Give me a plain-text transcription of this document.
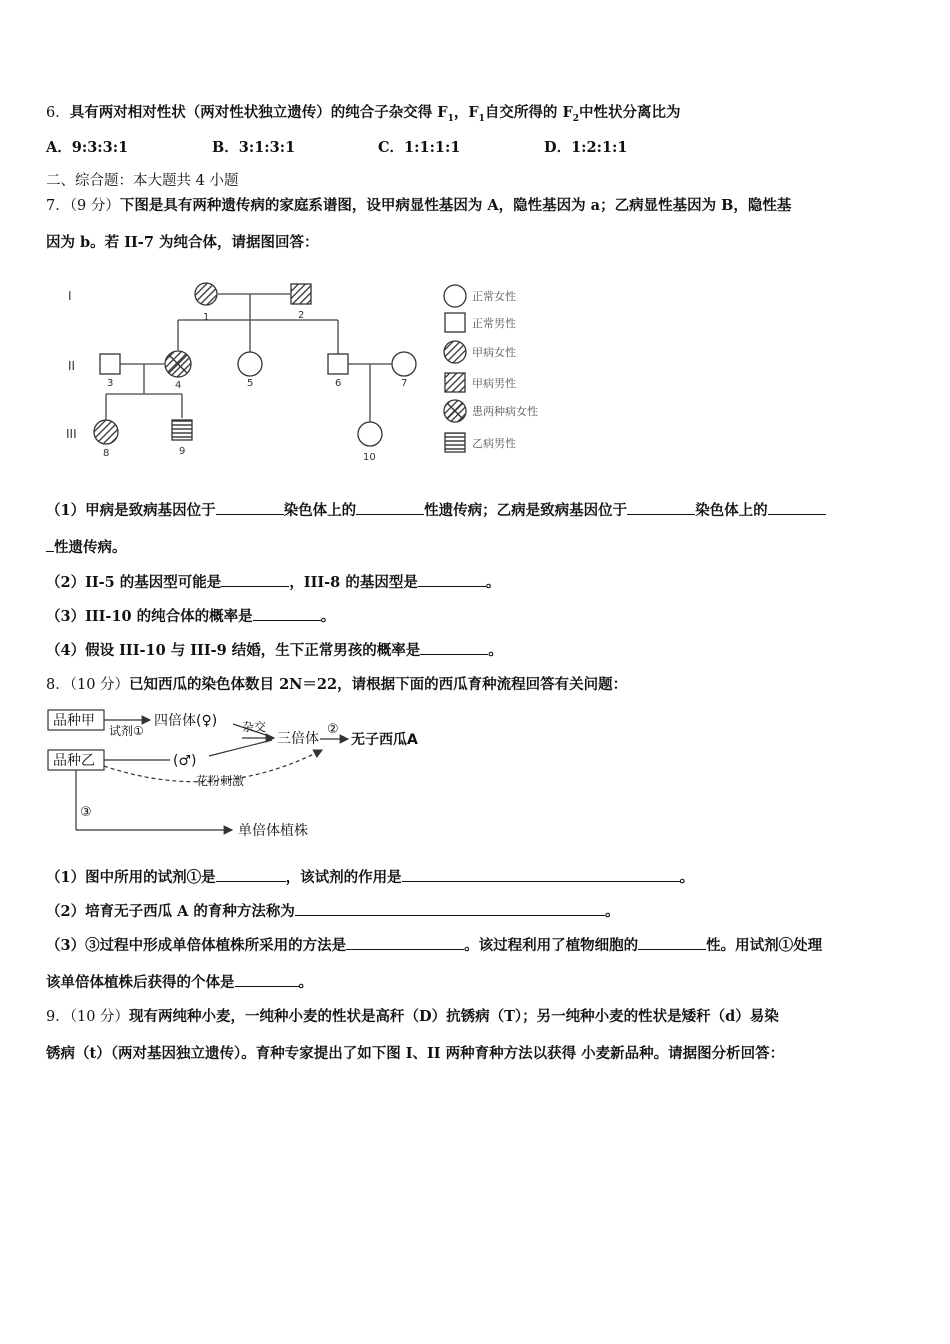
6．具有两对相对性状（两对性状独立遗传）的纯合子杂交得 $F_1$，$F_1$自交所得的 $F_2$中性状分离比为
A．9:3:3:1	B．3:1:3:1	C．1:1:1:1	D．1:2:1:1
二、综合题：本大题共 4 小题
7．（9 分）下图是具有两种遗传病的家庭系谱图，设甲病显性基因为 A，隐性基因为 a；乙病显性基因为 B，隐性基
因为 b。若 II-7 为纯合体，请据图回答：
I
II
III
1	2
3	4	5	6	7
8	9
10
正常女性
正常男性
甲病女性
甲病男性
患两种病女性
乙病男性
（1）甲病是致病基因位于	染色体上的	性遗传病；乙病是致病基因位于	染色体上的
性遗传病。
（2）II-5 的基因型可能是	，III-8 的基因型是	。
（3）III-10 的纯合体的概率是	。
（4）假设 III-10 与 III-9 结婚，生下正常男孩的概率是	。
8．（10 分）已知西瓜的染色体数目 2N＝22，请根据下面的西瓜育种流程回答有关问题：
品种甲
品种乙
试剂①
四倍体(♀)
(♂)
杂交
三倍体
②
无子西瓜A
花粉刺激
③
单倍体植株
（1）图中所用的试剂①是	，该试剂的作用是	。
（2）培育无子西瓜 A 的育种方法称为	。
（3）③过程中形成单倍体植株所采用的方法是	。该过程利用了植物细胞的	性。用试剂①处理
该单倍体植株后获得的个体是	。
9．（10 分）现有两纯种小麦，一纯种小麦的性状是高秆（D）抗锈病（T）；另一纯种小麦的性状是矮秆（d）易染
锈病（t）（两对基因独立遗传）。育种专家提出了如下图 I、II 两种育种方法以获得 小麦新品种。请据图分析回答：
